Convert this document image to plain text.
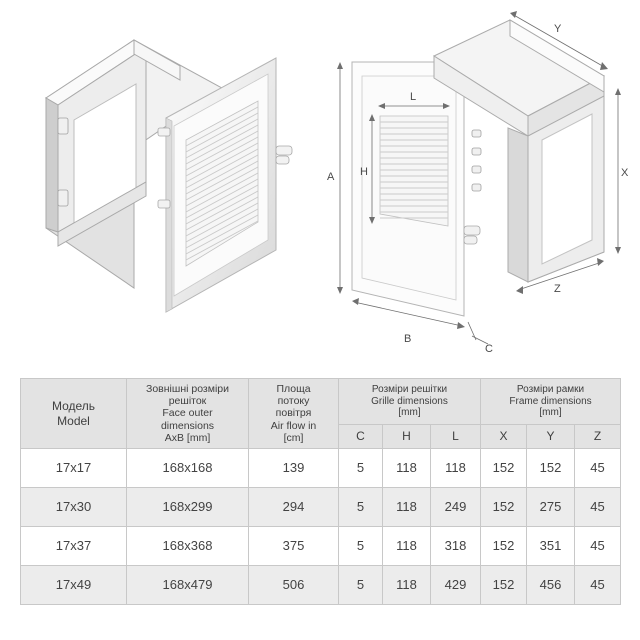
A
B
H
L
Y
X
Z
C
Модель
Model

Зовнішні розміри
решіток
Face outer
dimensions
AxB [mm]

Площа
потоку
повітря
Air flow in
[cm]

Розміри решітки
Grille dimensions
[mm]

Розміри рамки
Frame dimensions
[mm]

			C	H	L	X	Y	Z
17x17	168x168	139	5	118	118	152	152	45
17x30	168x299	294	5	118	249	152	275	45
17x37	168x368	375	5	118	318	152	351	45
17x49	168x479	506	5	118	429	152	456	45
